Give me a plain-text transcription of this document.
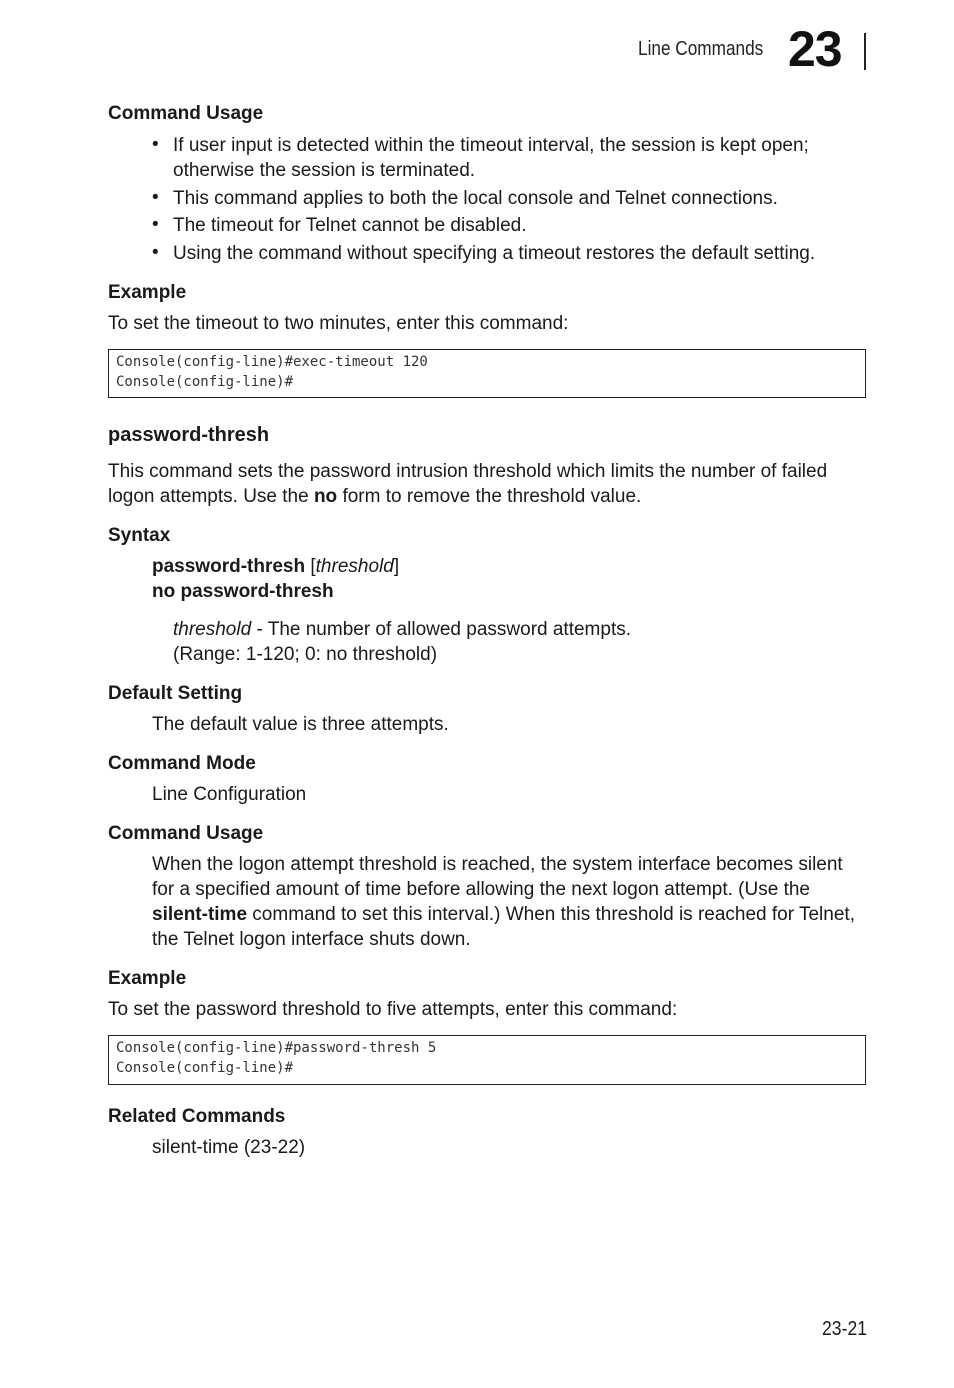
Line Commands 23
Command Usage
• If user input is detected within the timeout interval, the session is kept open; otherwise the session is terminated.
• This command applies to both the local console and Telnet connections.
• The timeout for Telnet cannot be disabled.
• Using the command without specifying a timeout restores the default setting.
Example
To set the timeout to two minutes, enter this command:
Console(config-line)#exec-timeout 120
Console(config-line)#
password-thresh
This command sets the password intrusion threshold which limits the number of failed logon attempts. Use the no form to remove the threshold value.
Syntax
password-thresh [threshold]
no password-thresh
threshold - The number of allowed password attempts.
(Range: 1-120; 0: no threshold)
Default Setting
The default value is three attempts.
Command Mode
Line Configuration
Command Usage
When the logon attempt threshold is reached, the system interface becomes silent for a specified amount of time before allowing the next logon attempt. (Use the silent-time command to set this interval.) When this threshold is reached for Telnet, the Telnet logon interface shuts down.
Example
To set the password threshold to five attempts, enter this command:
Console(config-line)#password-thresh 5
Console(config-line)#
Related Commands
silent-time (23-22)
23-21
